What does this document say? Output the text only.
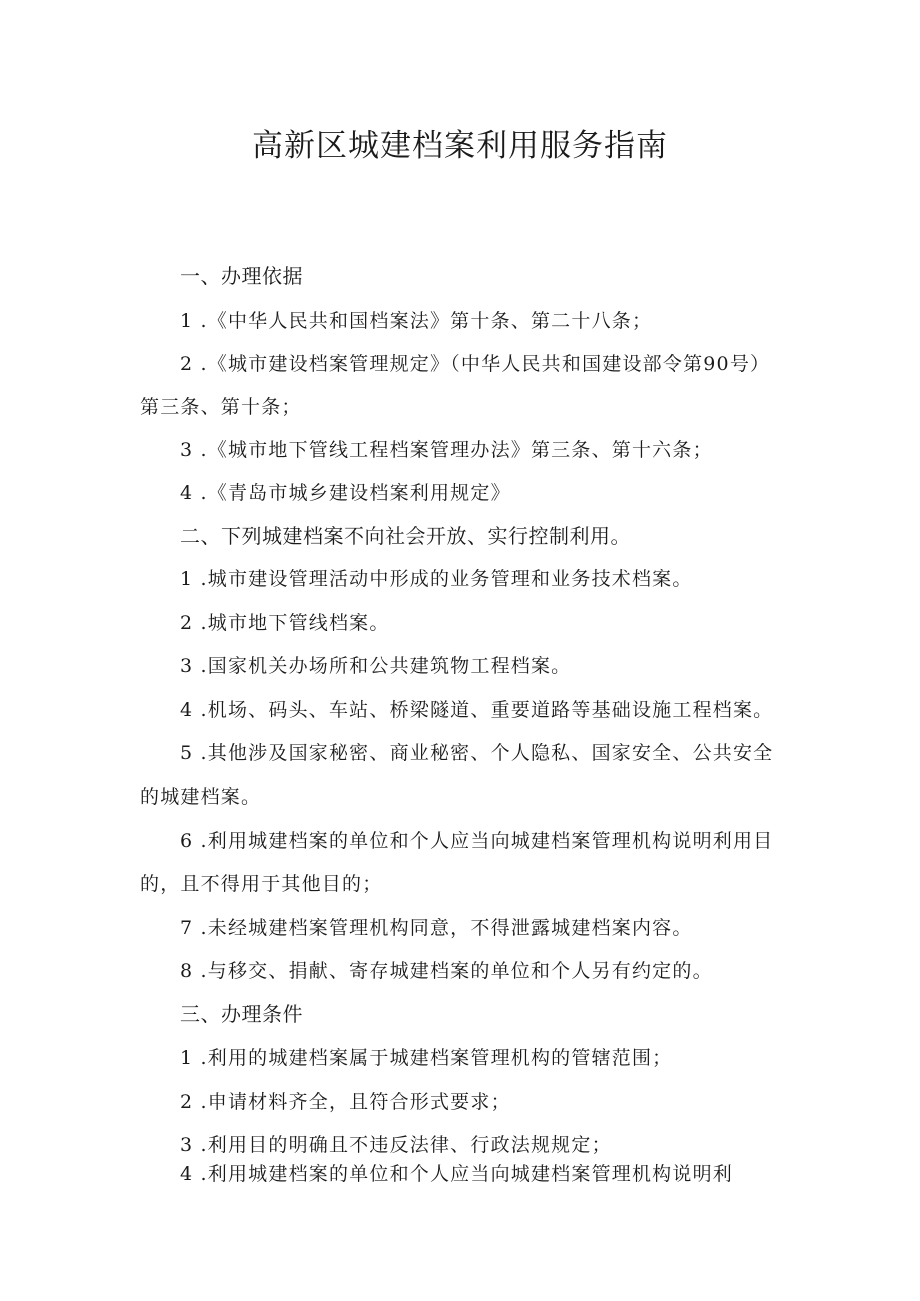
高新区城建档案利用服务指南

一、办理依据

1 .《中华人民共和国档案法》第十条、第二十八条；

2 .《城市建设档案管理规定》（中华人民共和国建设部令第90号）

第三条、第十条；

3 .《城市地下管线工程档案管理办法》第三条、第十六条；

4 .《青岛市城乡建设档案利用规定》

二、下列城建档案不向社会开放、实行控制利用。

1 .城市建设管理活动中形成的业务管理和业务技术档案。

2 .城市地下管线档案。

3 .国家机关办场所和公共建筑物工程档案。

4 .机场、码头、车站、桥梁隧道、重要道路等基础设施工程档案。

5 .其他涉及国家秘密、商业秘密、个人隐私、国家安全、公共安全

的城建档案。

6 .利用城建档案的单位和个人应当向城建档案管理机构说明利用目

的，且不得用于其他目的；

7 .未经城建档案管理机构同意，不得泄露城建档案内容。

8 .与移交、捐献、寄存城建档案的单位和个人另有约定的。

三、办理条件

1 .利用的城建档案属于城建档案管理机构的管辖范围；

2 .申请材料齐全，且符合形式要求；

3 .利用目的明确且不违反法律、行政法规规定；

4 .利用城建档案的单位和个人应当向城建档案管理机构说明利
